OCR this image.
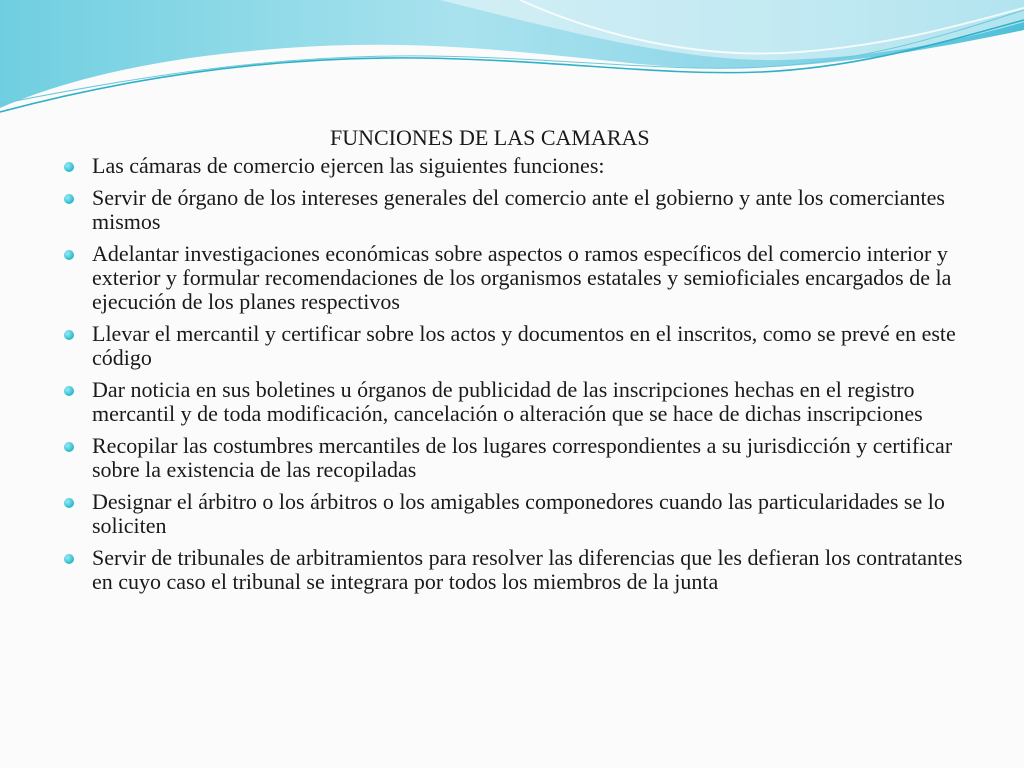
FUNCIONES DE LAS CAMARAS
Las cámaras de comercio ejercen las siguientes funciones:
Servir de órgano de los intereses generales del comercio ante el gobierno y ante los comerciantes mismos
Adelantar investigaciones económicas sobre aspectos o ramos específicos del comercio interior y exterior y formular recomendaciones de los organismos estatales y semioficiales encargados de la ejecución de los planes respectivos
Llevar el mercantil y certificar sobre los actos y documentos en el inscritos, como se prevé en este código
Dar noticia en sus boletines u órganos de publicidad de las inscripciones hechas en el registro mercantil y de toda modificación, cancelación o alteración que se hace de dichas inscripciones
Recopilar las costumbres mercantiles de los lugares correspondientes a su jurisdicción y certificar sobre la existencia de las recopiladas
Designar el árbitro o los árbitros o los amigables componedores cuando las particularidades se lo soliciten
Servir de tribunales de arbitramientos para resolver las diferencias que les defieran los contratantes en cuyo caso el tribunal se integrara por todos los miembros de la junta
